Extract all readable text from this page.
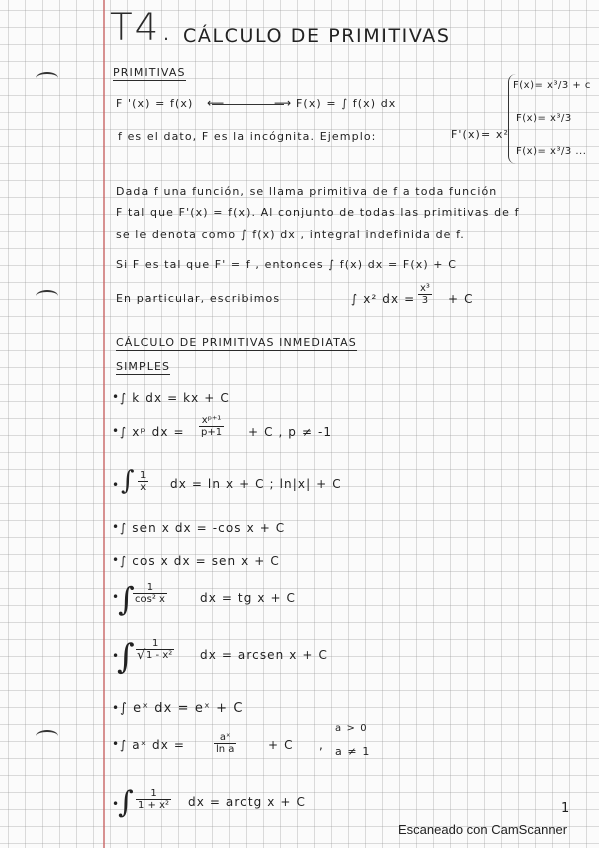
T4. CÁLCULO DE PRIMITIVAS
PRIMITIVAS
F '(x) = f(x) ⟵	⟶ F(x) = ∫ f(x) dx
f es el dato, F es la incógnita. Ejemplo:	F'(x)= x²
F(x)= x³/3 + c
F(x)= x³/3
F(x)= x³/3 ...
Dada f una función, se llama primitiva de f a toda función
F tal que F'(x) = f(x). Al conjunto de todas las primitivas de f
se le denota como ∫ f(x) dx , integral indefinida de f.
Si F es tal que F' = f , entonces ∫ f(x) dx = F(x) + C
En particular, escribimos	∫ x² dx = $\frac{\text{x³}}{3} + C$
CÁLCULO DE PRIMITIVAS INMEDIATAS
SIMPLES
• ∫ k dx = kx + C
• ∫ xᵖ dx = $\frac{\text{xᵖ⁺¹}}{p+1} + C$ , p ≠ -1
• ∫ $\frac{1}{x}$ dx = ln x + C ; ln|x| + C
• ∫ sen x dx = -cos x + C
• ∫ cos x dx = sen x + C
•
∫
$\frac{1}{\text{cos² x}}$	dx = tg x + C
•
∫ $\frac{1}{\text{1 - x²}}$
√	dx = arcsen x + C
• ∫ eˣ dx = eˣ + C
• ∫ aˣ dx =	$\frac{\text{aˣ}}{\text{ln a}}$	+ C ,
a > 0
a ≠ 1
•
∫ $\frac{1}{\text{1 + x²}}$ dx = arctg x + C	1
Escaneado con CamScanner
